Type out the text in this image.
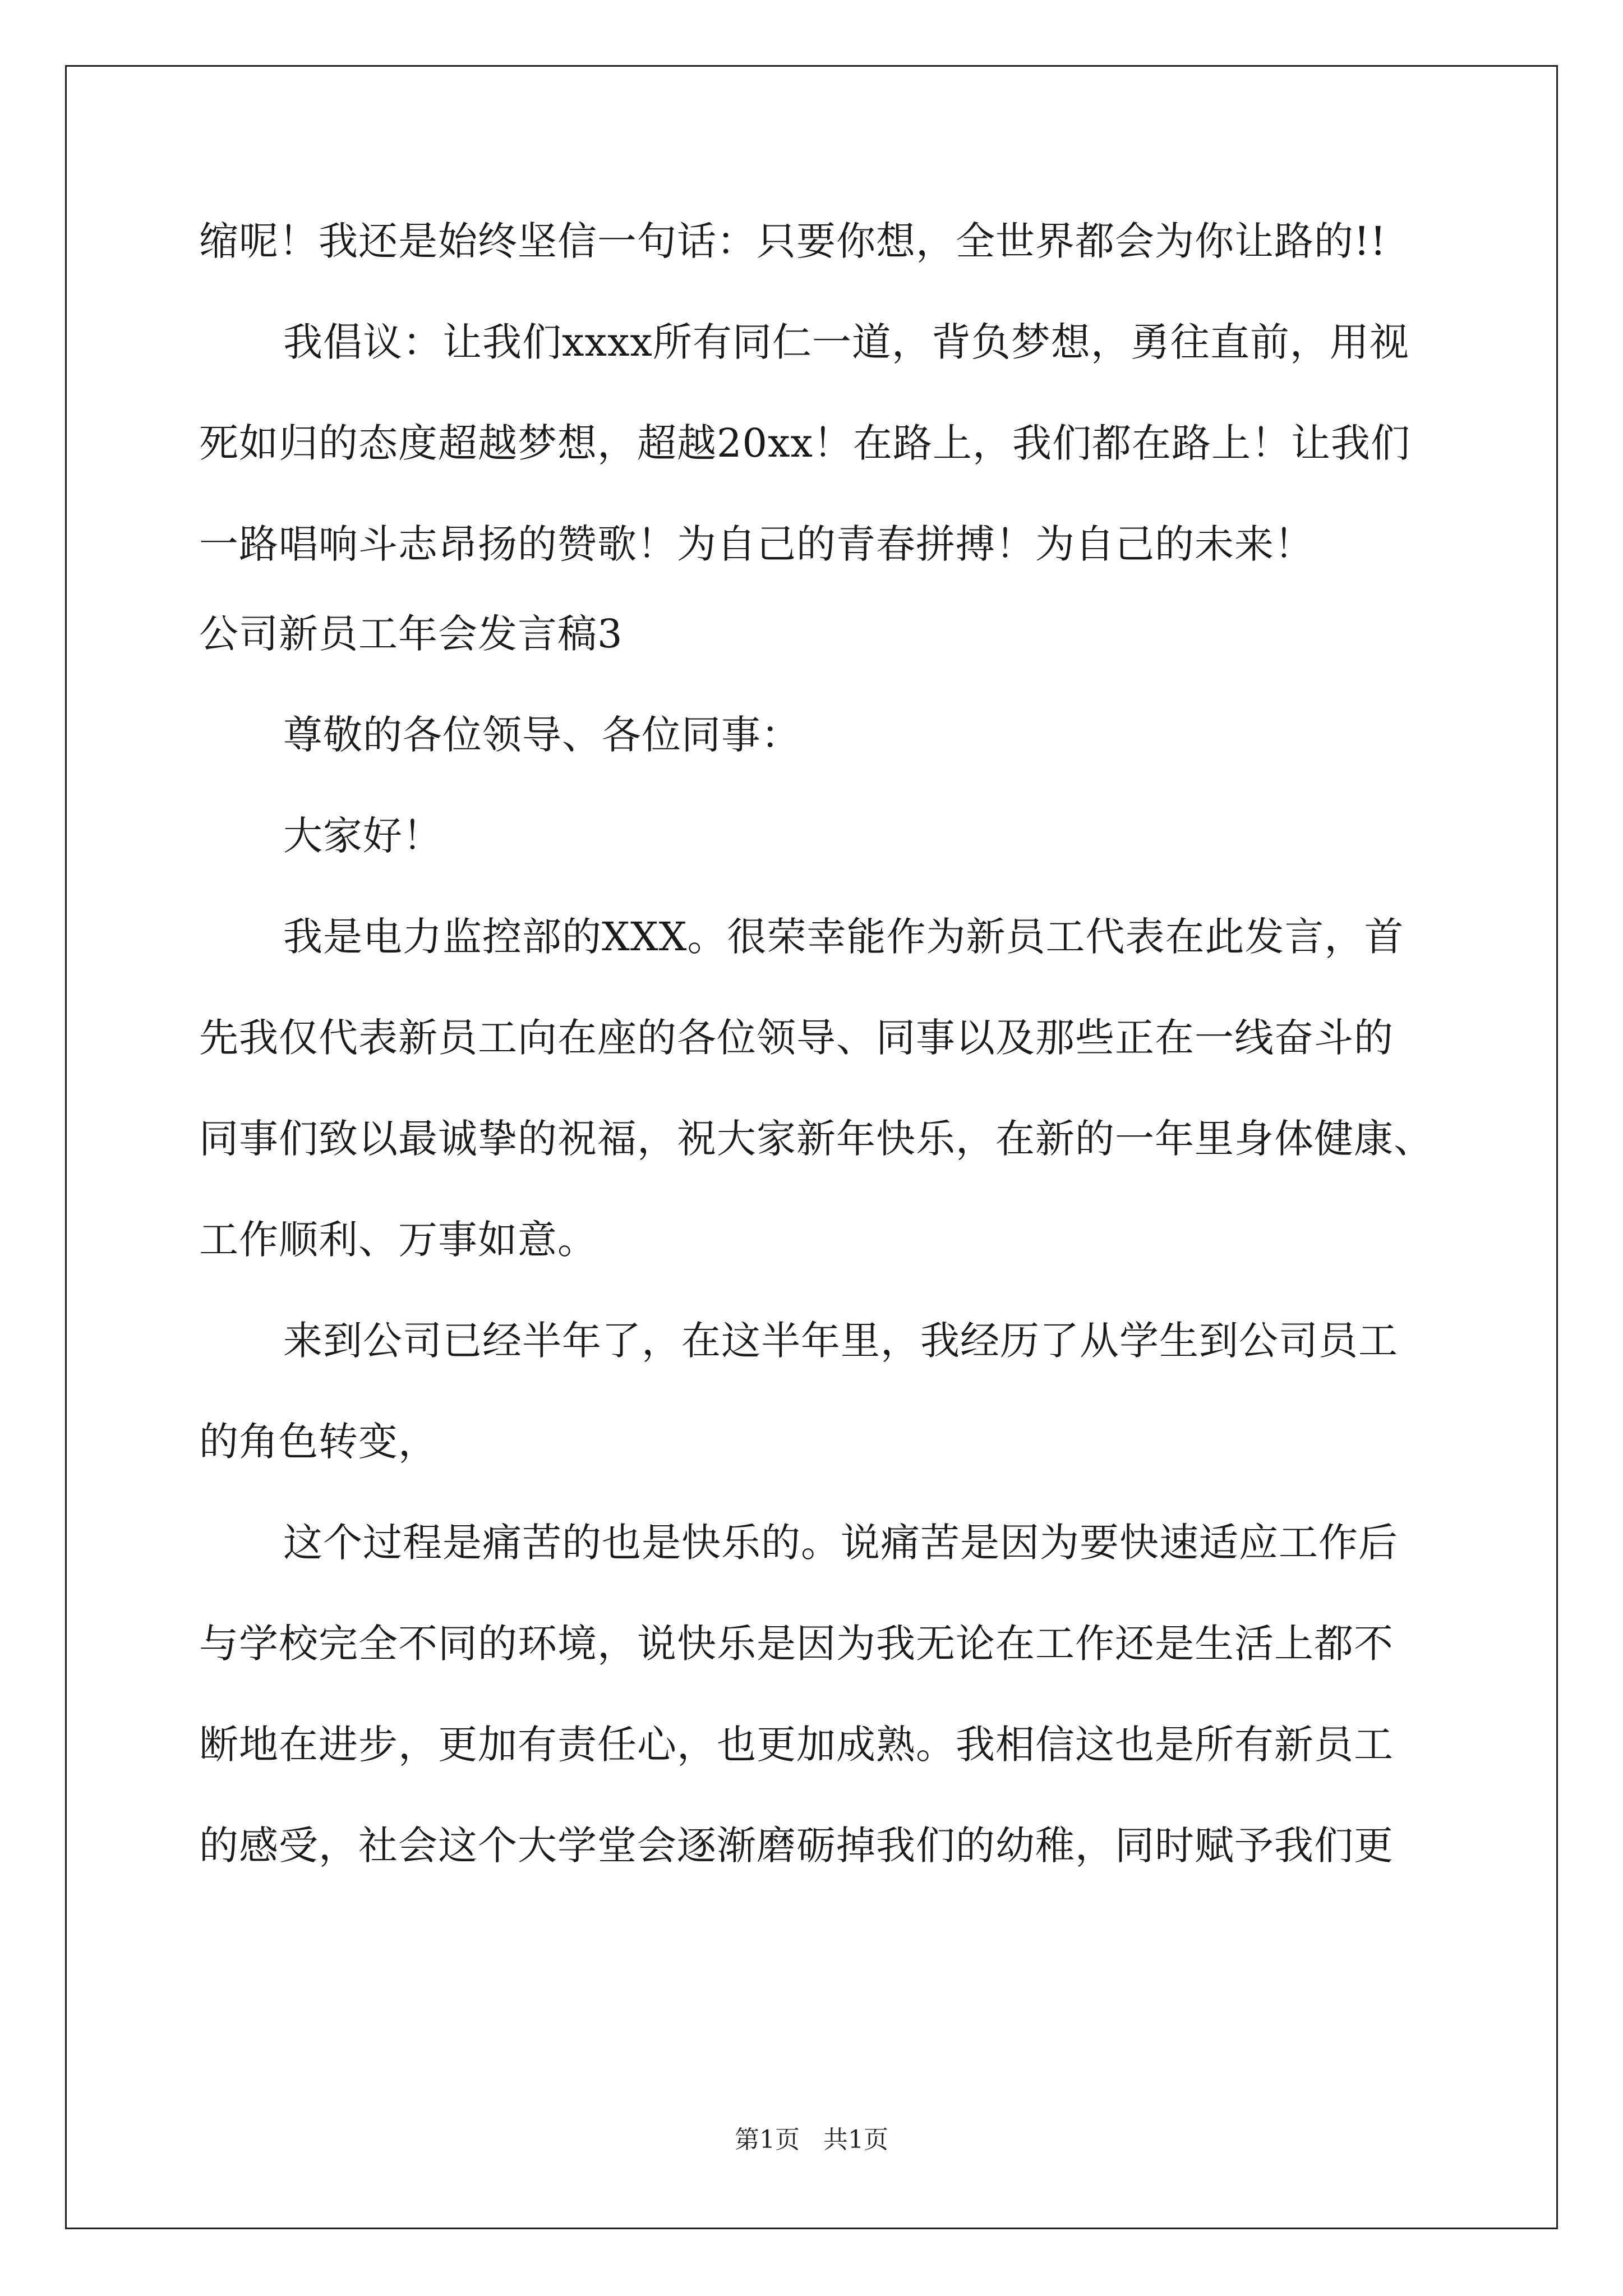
缩呢！我还是始终坚信一句话：只要你想，全世界都会为你让路的!!
我倡议：让我们xxxx所有同仁一道，背负梦想，勇往直前，用视
死如归的态度超越梦想，超越20xx！在路上，我们都在路上！让我们
一路唱响斗志昂扬的赞歌！为自己的青春拼搏！为自己的未来！
公司新员工年会发言稿3
尊敬的各位领导、各位同事：
大家好！
我是电力监控部的XXX。很荣幸能作为新员工代表在此发言，首
先我仅代表新员工向在座的各位领导、同事以及那些正在一线奋斗的
同事们致以最诚挚的祝福，祝大家新年快乐，在新的一年里身体健康、
工作顺利、万事如意。
来到公司已经半年了，在这半年里，我经历了从学生到公司员工
的角色转变，
这个过程是痛苦的也是快乐的。说痛苦是因为要快速适应工作后
与学校完全不同的环境，说快乐是因为我无论在工作还是生活上都不
断地在进步，更加有责任心，也更加成熟。我相信这也是所有新员工
的感受，社会这个大学堂会逐渐磨砺掉我们的幼稚，同时赋予我们更
第1页   共1页
